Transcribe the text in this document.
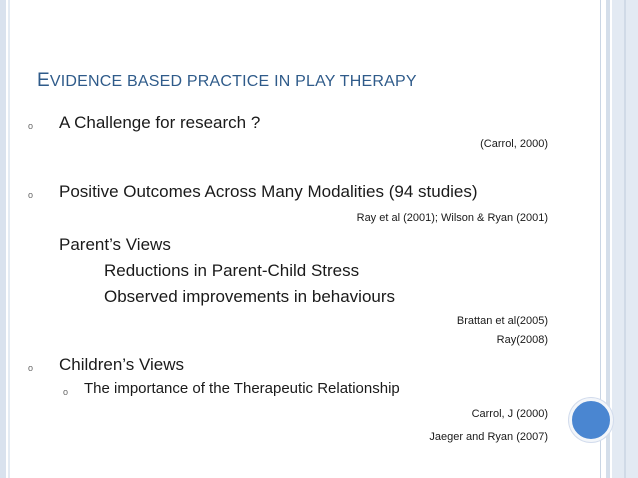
EVIDENCE BASED PRACTICE IN PLAY THERAPY
o A Challenge for research ?
(Carrol, 2000)
o Positive Outcomes Across Many Modalities (94 studies)
Ray et al (2001); Wilson & Ryan (2001)
Parent’s Views
Reductions in Parent-Child Stress
Observed improvements in behaviours
Brattan et al(2005)
Ray(2008)
o Children’s Views
o The importance of the Therapeutic Relationship
Carrol, J (2000)
Jaeger and Ryan (2007)
